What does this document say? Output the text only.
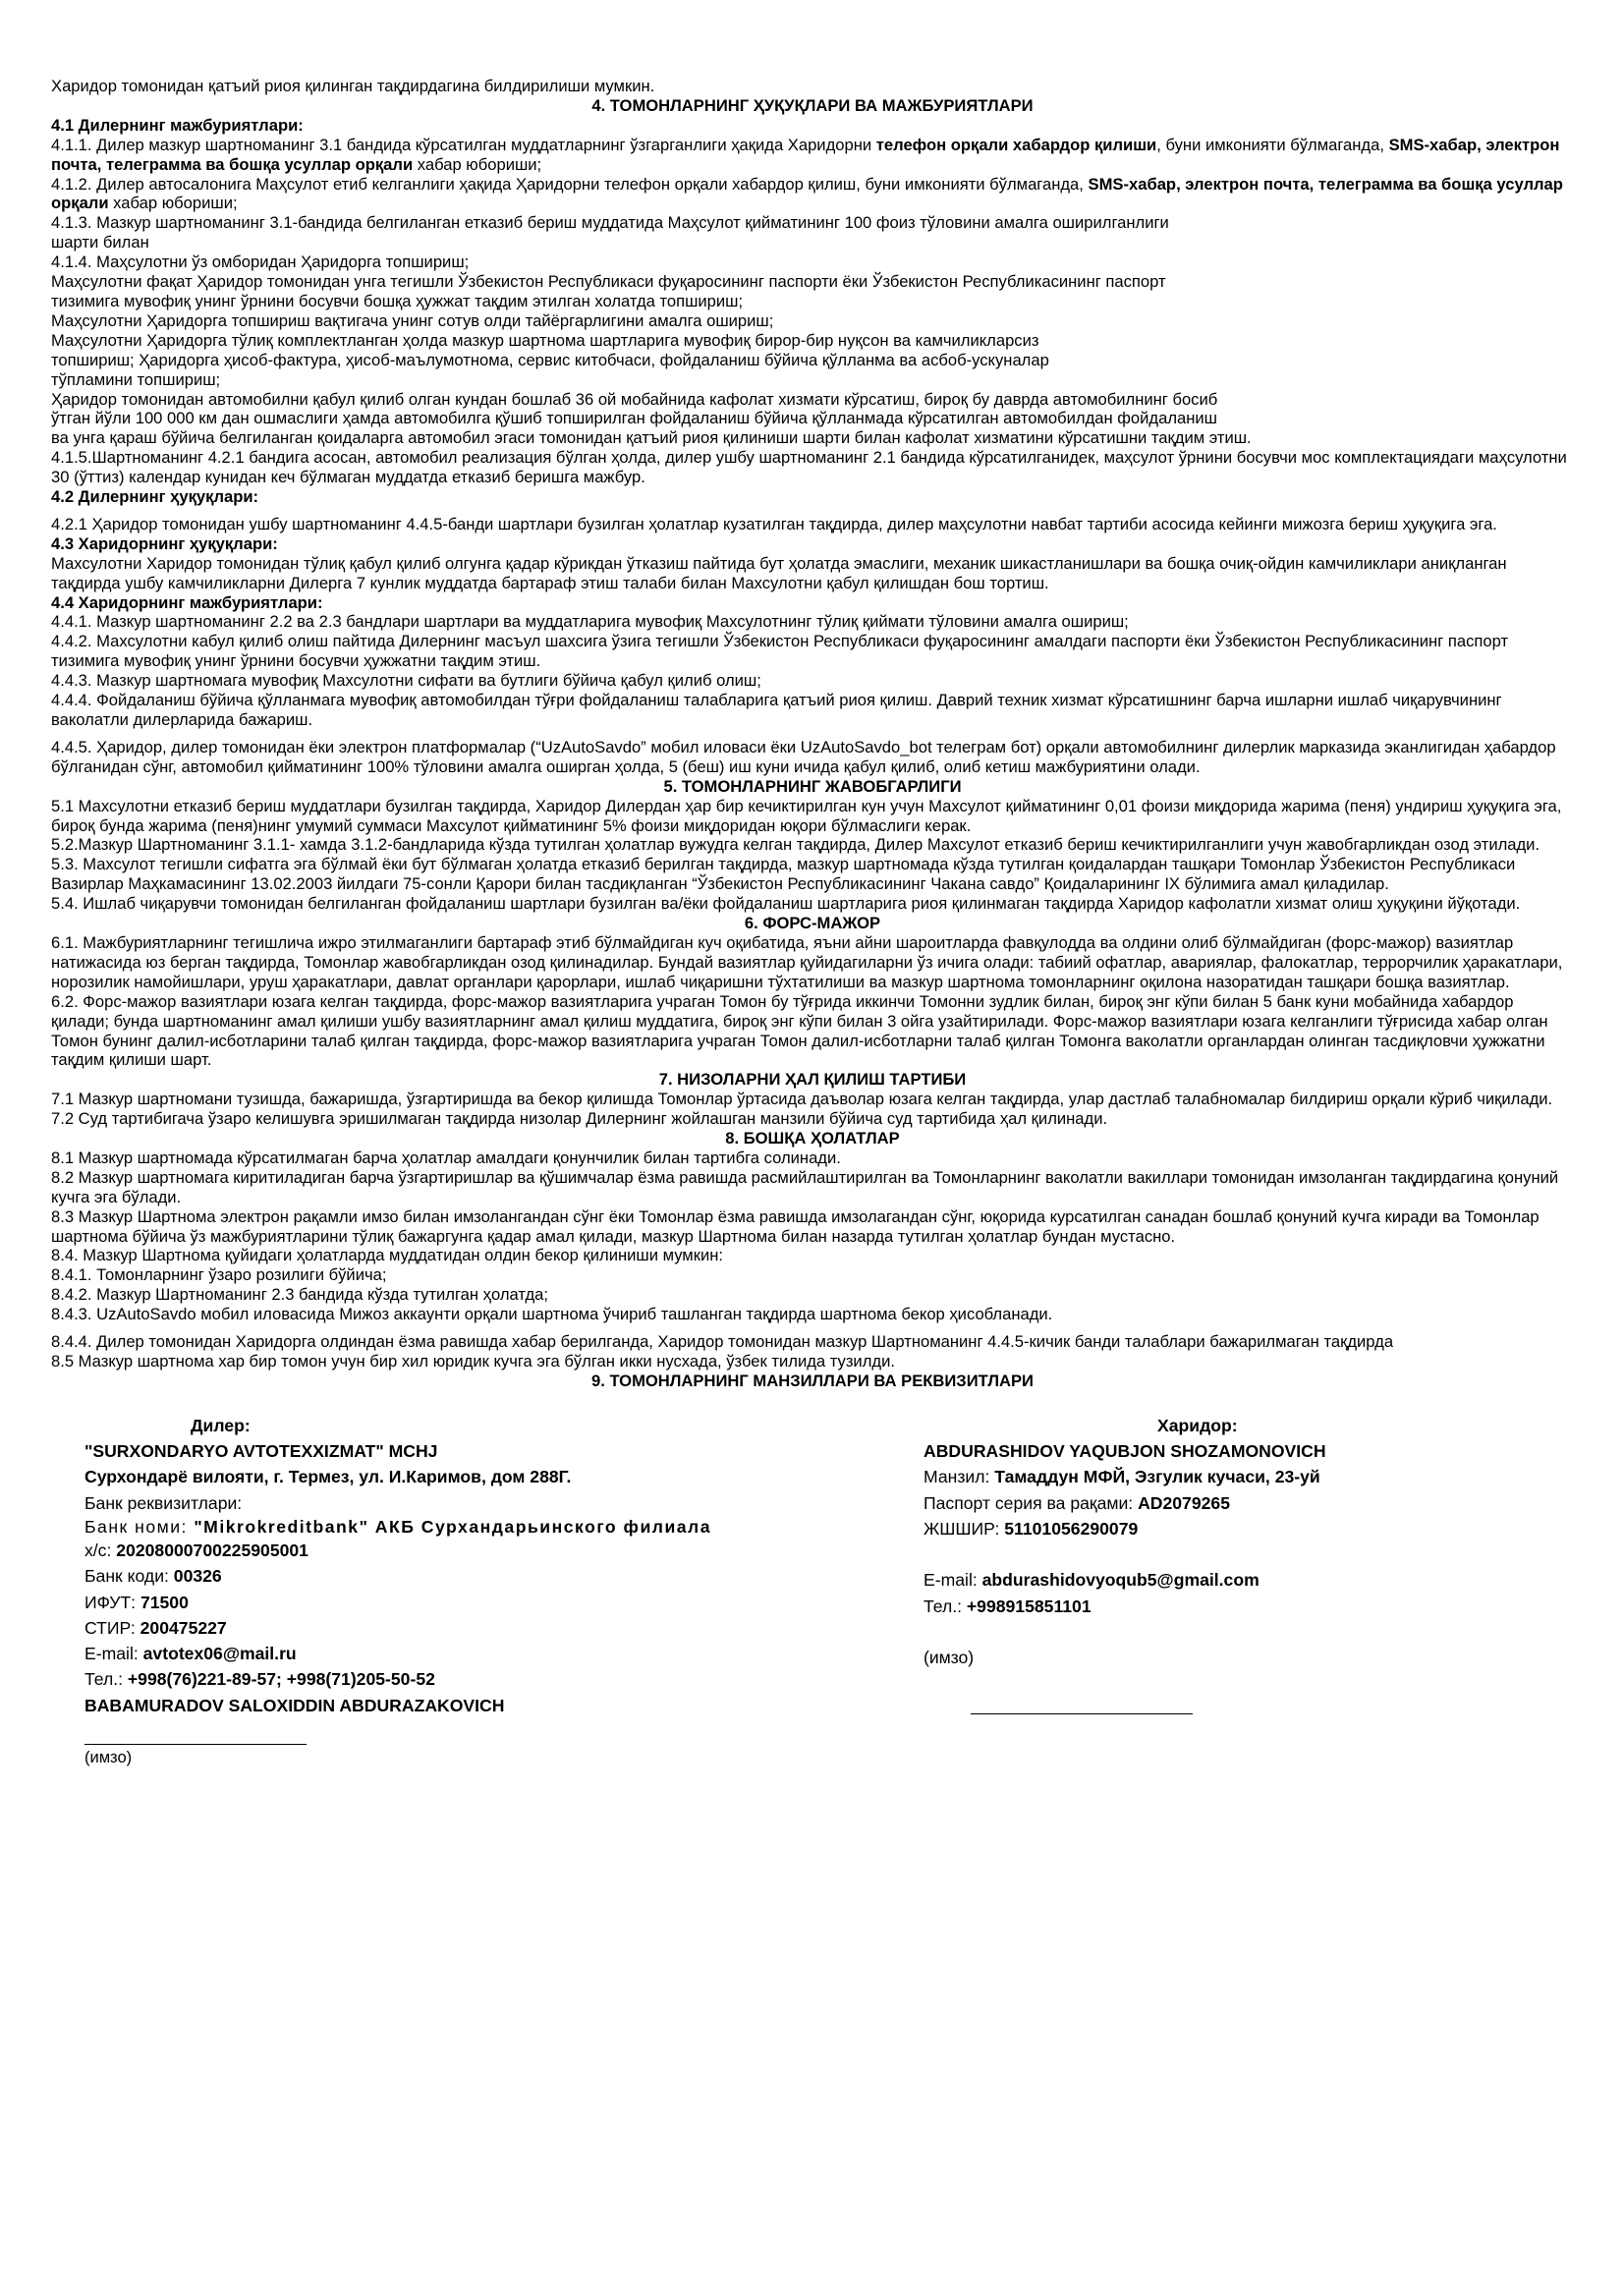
Харидор томонидан қатъий риоя қилинган тақдирдагина билдирилиши мумкин.

4. ТОМОНЛАРНИНГ ҲУҚУҚЛАРИ ВА МАЖБУРИЯТЛАРИ

4.1 Дилернинг мажбуриятлари:

4.1.1. Дилер мазкур шартноманинг 3.1 бандида кўрсатилган муддатларнинг ўзгарганлиги ҳақида Харидорни телефон орқали хабардор қилиши, буни имконияти бўлмаганда, SMS-хабар, электрон почта, телеграмма ва бошқа усуллар орқали хабар юбориши;

4.1.2. Дилер автосалонига Маҳсулот етиб келганлиги ҳақида Ҳаридорни телефон орқали хабардор қилиш, буни имконияти бўлмаганда, SMS-хабар, электрон почта, телеграмма ва бошқа усуллар орқали хабар юбориши;

4.1.3. Мазкур шартноманинг 3.1-бандида белгиланган етказиб бериш муддатида Маҳсулот қийматининг 100 фоиз тўловини амалга оширилганлиги

шарти билан

4.1.4. Маҳсулотни ўз омборидан Ҳаридорга топшириш;

Маҳсулотни фақат Ҳаридор томонидан унга тегишли Ўзбекистон Республикаси фуқаросининг паспорти ёки Ўзбекистон Республикасининг паспорт

тизимига мувофиқ унинг ўрнини босувчи бошқа ҳужжат тақдим этилган холатда топшириш;

Маҳсулотни Ҳаридорга топшириш вақтигача унинг сотув олди тайёргарлигини амалга ошириш;

Маҳсулотни Ҳаридорга тўлиқ комплектланган ҳолда мазкур шартнома шартларига мувофиқ бирор-бир нуқсон ва камчиликларсиз

топшириш; Ҳаридорга ҳисоб-фактура, ҳисоб-маълумотнома, сервис китобчаси, фойдаланиш бўйича қўлланма ва асбоб-ускуналар

тўпламини топшириш;

Ҳаридор томонидан автомобилни қабул қилиб олган кундан бошлаб 36 ой мобайнида кафолат хизмати кўрсатиш, бироқ бу даврда автомобилнинг босиб

ўтган йўли 100 000 км дан ошмаслиги ҳамда автомобилга қўшиб топширилган фойдаланиш бўйича қўлланмада кўрсатилган автомобилдан фойдаланиш

ва унга қараш бўйича белгиланган қоидаларга автомобил эгаси томонидан қатъий риоя қилиниши шарти билан кафолат хизматини кўрсатишни тақдим этиш.

4.1.5.Шартноманинг 4.2.1 бандига асосан, автомобил реализация бўлган ҳолда, дилер ушбу шартноманинг 2.1 бандида кўрсатилганидек, маҳсулот ўрнини босувчи мос комплектациядаги маҳсулотни 30 (ўттиз) календар кунидан кеч бўлмаган муддатда етказиб беришга мажбур.

4.2 Дилернинг ҳуқуқлари:

4.2.1 Ҳаридор томонидан ушбу шартноманинг 4.4.5-банди шартлари бузилган ҳолатлар кузатилган тақдирда, дилер маҳсулотни навбат тартиби асосида кейинги мижозга бериш ҳуқуқига эга.

4.3 Харидорнинг ҳуқуқлари:

Махсулотни Харидор томонидан тўлиқ қабул қилиб олгунга қадар кўрикдан ўтказиш пайтида бут ҳолатда эмаслиги, механик шикастланишлари ва бошқа очиқ-ойдин камчиликлари аниқланган тақдирда ушбу камчиликларни Дилерга 7 кунлик муддатда бартараф этиш талаби билан Махсулотни қабул қилишдан бош тортиш.

4.4 Харидорнинг мажбуриятлари:

4.4.1. Мазкур шартноманинг 2.2 ва 2.3 бандлари шартлари ва муддатларига мувофиқ Махсулотнинг тўлиқ қиймати тўловини амалга ошириш;

4.4.2. Махсулотни кабул қилиб олиш пайтида Дилернинг масъул шахсига ўзига тегишли Ўзбекистон Республикаси фуқаросининг амалдаги паспорти ёки Ўзбекистон Республикасининг паспорт тизимига мувофиқ унинг ўрнини босувчи ҳужжатни тақдим этиш.

4.4.3. Мазкур шартномага мувофиқ Махсулотни сифати ва бутлиги бўйича қабул қилиб олиш;

4.4.4. Фойдаланиш бўйича қўлланмага мувофиқ автомобилдан тўғри фойдаланиш талабларига қатъий риоя қилиш. Даврий техник хизмат кўрсатишнинг барча ишларни ишлаб чиқарувчининг ваколатли дилерларида бажариш.

4.4.5. Ҳаридор, дилер томонидан ёки электрон платформалар (“UzAutoSavdo” мобил иловаси ёки UzAutoSavdo_bot телеграм бот) орқали автомобилнинг дилерлик марказида эканлигидан ҳабардор бўлганидан сўнг, автомобил қийматининг 100% тўловини амалга оширган ҳолда, 5 (беш) иш куни ичида қабул қилиб, олиб кетиш мажбуриятини олади.

5. ТОМОНЛАРНИНГ ЖАВОБГАРЛИГИ

5.1 Махсулотни етказиб бериш муддатлари бузилган тақдирда, Харидор Дилердан ҳар бир кечиктирилган кун учун Махсулот қийматининг 0,01 фоизи миқдорида жарима (пеня) ундириш ҳуқуқига эга, бироқ бунда жарима (пеня)нинг умумий суммаси Махсулот қийматининг 5% фоизи миқдоридан юқори бўлмаслиги керак.

5.2.Мазкур Шартноманинг 3.1.1- хамда 3.1.2-бандларида кўзда тутилган ҳолатлар вужудга келган тақдирда, Дилер Махсулот етказиб бериш кечиктирилганлиги учун жавобгарликдан озод этилади.

5.3. Махсулот тегишли сифатга эга бўлмай ёки бут бўлмаган ҳолатда етказиб берилган тақдирда, мазкур шартномада кўзда тутилган қоидалардан ташқари Томонлар Ўзбекистон Республикаси Вазирлар Маҳкамасининг 13.02.2003 йилдаги 75-сонли Қарори билан тасдиқланган “Ўзбекистон Республикасининг Чакана савдо” Қоидаларининг IX бўлимига амал қиладилар.

5.4. Ишлаб чиқарувчи томонидан белгиланган фойдаланиш шартлари бузилган ва/ёки фойдаланиш шартларига риоя қилинмаган тақдирда Харидор кафолатли хизмат олиш ҳуқуқини йўқотади.

6. ФОРС-МАЖОР

6.1. Мажбуриятларнинг тегишлича ижро этилмаганлиги бартараф этиб бўлмайдиган куч оқибатида, яъни айни шароитларда фавқулодда ва олдини олиб бўлмайдиган (форс-мажор) вазиятлар натижасида юз берган тақдирда, Томонлар жавобгарликдан озод қилинадилар. Бундай вазиятлар қуйидагиларни ўз ичига олади: табиий офатлар, авариялар, фалокатлар, террорчилик ҳаракатлари, норозилик намойишлари, уруш ҳаракатлари, давлат органлари қарорлари, ишлаб чиқаришни тўхтатилиши ва мазкур шартнома томонларнинг оқилона назоратидан ташқари бошқа вазиятлар.

6.2. Форс-мажор вазиятлари юзага келган тақдирда, форс-мажор вазиятларига учраган Томон бу тўғрида иккинчи Томонни зудлик билан, бироқ энг кўпи билан 5 банк куни мобайнида хабардор қилади; бунда шартноманинг амал қилиши ушбу вазиятларнинг амал қилиш муддатига, бироқ энг кўпи билан 3 ойга узайтирилади. Форс-мажор вазиятлари юзага келганлиги тўғрисида хабар олган Томон бунинг далил-исботларини талаб қилган тақдирда, форс-мажор вазиятларига учраган Томон далил-исботларни талаб қилган Томонга ваколатли органлардан олинган тасдиқловчи ҳужжатни тақдим қилиши шарт.

7. НИЗОЛАРНИ ҲАЛ ҚИЛИШ ТАРТИБИ

7.1 Мазкур шартномани тузишда, бажаришда, ўзгартиришда ва бекор қилишда Томонлар ўртасида даъволар юзага келган тақдирда, улар дастлаб талабномалар билдириш орқали кўриб чиқилади.

7.2 Суд тартибигача ўзаро келишувга эришилмаган тақдирда низолар Дилернинг жойлашган манзили бўйича суд тартибида ҳал қилинади.

8. БОШҚА ҲОЛАТЛАР

8.1 Мазкур шартномада кўрсатилмаган барча ҳолатлар амалдаги қонунчилик билан тартибга солинади.

8.2 Мазкур шартномага киритиладиган барча ўзгартиришлар ва қўшимчалар ёзма равишда расмийлаштирилган ва Томонларнинг ваколатли вакиллари томонидан имзоланган тақдирдагина қонуний кучга эга бўлади.

8.3 Мазкур Шартнома электрон рақамли имзо билан имзолангандан сўнг ёки Томонлар ёзма равишда имзолагандан сўнг, юқорида курсатилган санадан бошлаб қонуний кучга киради ва Томонлар шартнома бўйича ўз мажбуриятларини тўлиқ бажаргунга қадар амал қилади, мазкур Шартнома билан назарда тутилган ҳолатлар бундан мустасно.

8.4. Мазкур Шартнома қуйидаги ҳолатларда муддатидан олдин бекор қилиниши мумкин:

8.4.1. Томонларнинг ўзаро розилиги бўйича;

8.4.2. Мазкур Шартноманинг 2.3 бандида кўзда тутилган ҳолатда;

8.4.3. UzAutoSavdo мобил иловасида Мижоз аккаунти орқали шартнома ўчириб ташланган тақдирда шартнома бекор ҳисобланади.

8.4.4. Дилер томонидан Харидорга олдиндан ёзма равишда хабар берилганда, Харидор томонидан мазкур Шартноманинг 4.4.5-кичик банди талаблари бажарилмаган тақдирда

8.5 Мазкур шартнома хар бир томон учун бир хил юридик кучга эга бўлган икки нусхада, ўзбек тилида тузилди.

9. ТОМОНЛАРНИНГ МАНЗИЛЛАРИ ВА РЕКВИЗИТЛАРИ

Дилер:
"SURXONDARYO AVTOTEXXIZMAT" MCHJ
Сурхондарё вилояти, г. Термез, ул. И.Каримов, дом 288Г.
Банк реквизитлари:
Банк номи: "Mikrokreditbank" АКБ Сурхандарьинского филиала
х/с: 20208000700225905001
Банк коди: 00326
ИФУТ: 71500
СТИР: 200475227
E-mail: avtotex06@mail.ru
Тел.: +998(76)221-89-57; +998(71)205-50-52
BABAMURADOV SALOXIDDIN ABDURAZAKOVICH
(имзо)
Харидор:
ABDURASHIDOV YAQUBJON SHOZAMONOVICH
Манзил: Тамаддун МФЙ, Эзгулик кучаси, 23-уй
Паспорт серия ва рақами: AD2079265
ЖШШИР: 51101056290079
E-mail: abdurashidovyoqub5@gmail.com
Тел.: +998915851101
(имзо)
